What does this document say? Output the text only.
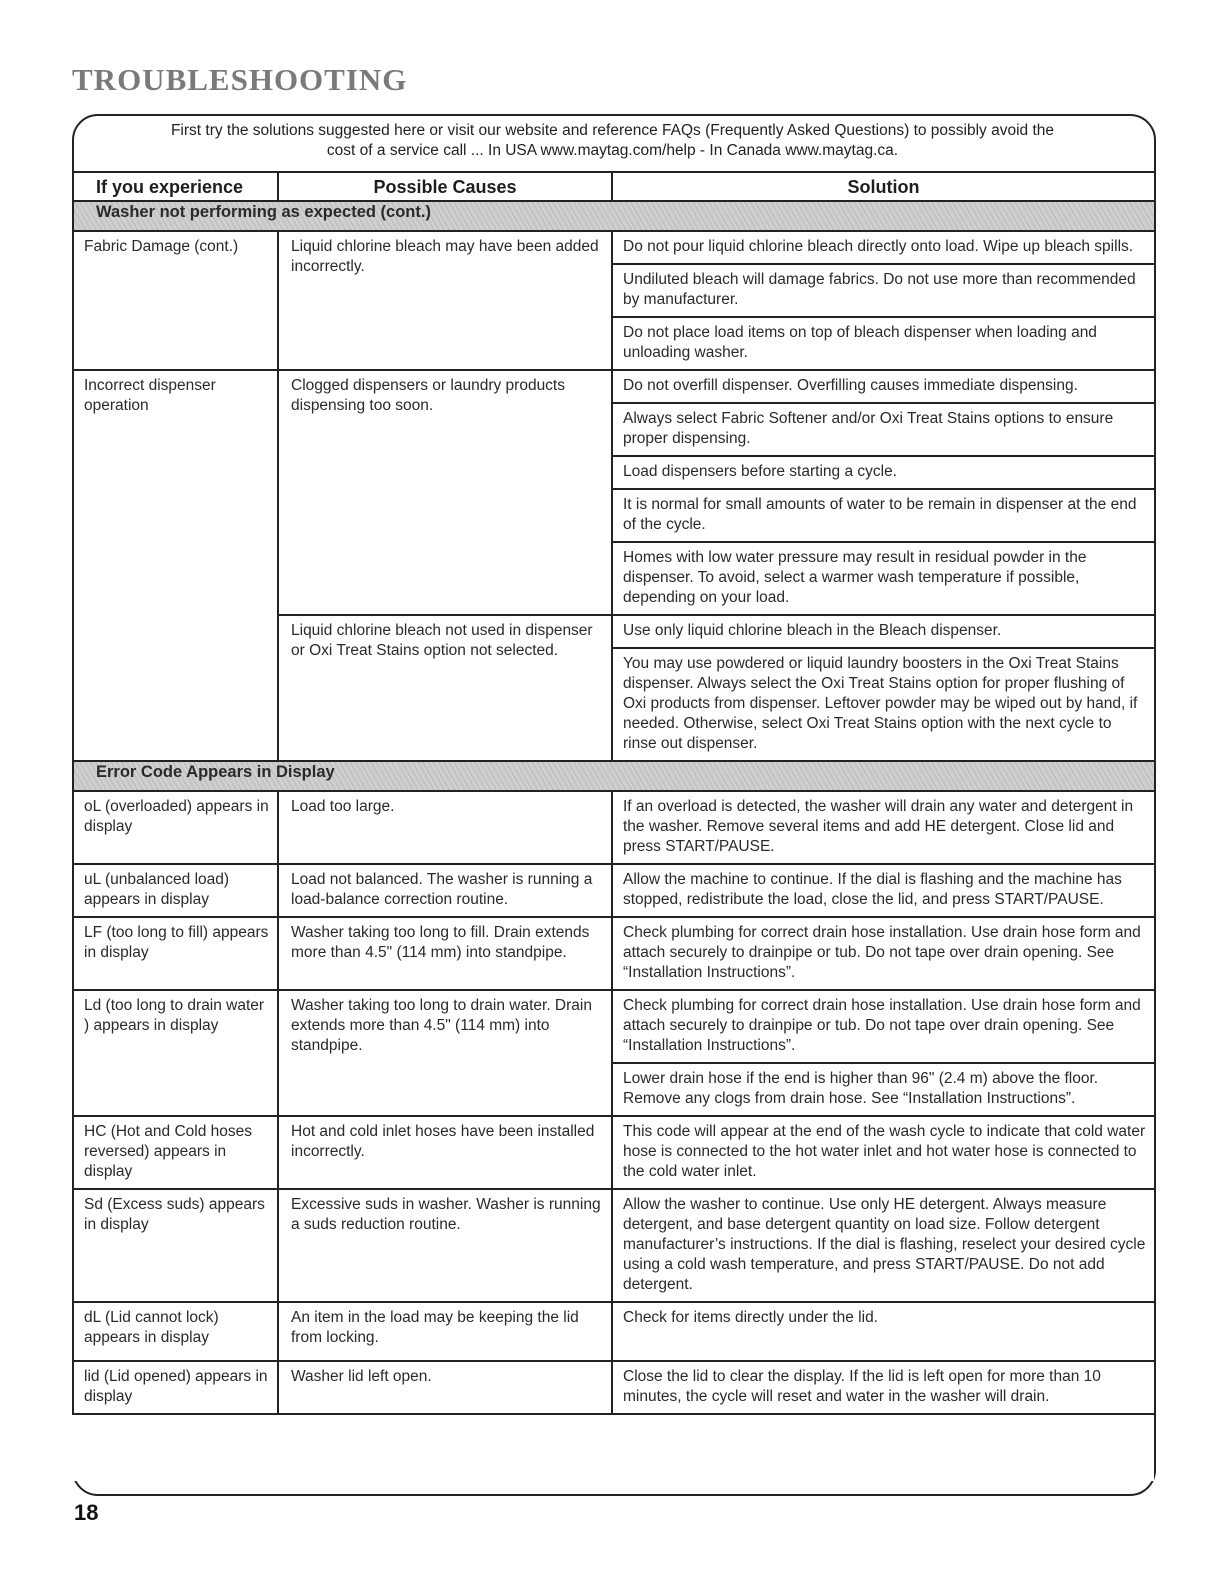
TROUBLESHOOTING
First try the solutions suggested here or visit our website and reference FAQs (Frequently Asked Questions) to possibly avoid the
cost of a service call ... In USA www.maytag.com/help - In Canada www.maytag.ca.
If you experience	Possible Causes	Solution
Washer not performing as expected (cont.)		
Fabric Damage (cont.)	Liquid chlorine bleach may have been added incorrectly.	Do not pour liquid chlorine bleach directly onto load. Wipe up bleach spills.
		Undiluted bleach will damage fabrics. Do not use more than recommended by manufacturer.
		Do not place load items on top of bleach dispenser when loading and unloading washer.
Incorrect dispenser operation	Clogged dispensers or laundry products dispensing too soon.	Do not overfill dispenser. Overfilling causes immediate dispensing.
		Always select Fabric Softener and/or Oxi Treat Stains options to ensure proper dispensing.
		Load dispensers before starting a cycle.
		It is normal for small amounts of water to be remain in dispenser at the end of the cycle.
		Homes with low water pressure may result in residual powder in the dispenser. To avoid, select a warmer wash temperature if possible, depending on your load.
	Liquid chlorine bleach not used in dispenser or Oxi Treat Stains option not selected.	Use only liquid chlorine bleach in the Bleach dispenser.
		You may use powdered or liquid laundry boosters in the Oxi Treat Stains dispenser. Always select the Oxi Treat Stains option for proper flushing of Oxi products from dispenser. Leftover powder may be wiped out by hand, if needed. Otherwise, select Oxi Treat Stains option with the next cycle to rinse out dispenser.
Error Code Appears in Display		
oL (overloaded) appears in display	Load too large.	If an overload is detected, the washer will drain any water and detergent in the washer. Remove several items and add HE detergent. Close lid and press START/PAUSE.
uL (unbalanced load) appears in display	Load not balanced. The washer is running a load-balance correction routine.	Allow the machine to continue. If the dial is flashing and the machine has stopped, redistribute the load, close the lid, and press START/PAUSE.
LF (too long to fill) appears in display	Washer taking too long to fill. Drain extends more than 4.5" (114 mm) into standpipe.	Check plumbing for correct drain hose installation. Use drain hose form and attach securely to drainpipe or tub. Do not tape over drain opening. See “Installation Instructions”.
Ld (too long to drain water ) appears in display	Washer taking too long to drain water. Drain extends more than 4.5" (114 mm) into standpipe.	Check plumbing for correct drain hose installation. Use drain hose form and attach securely to drainpipe or tub. Do not tape over drain opening. See “Installation Instructions”.
		Lower drain hose if the end is higher than 96" (2.4 m) above the floor. Remove any clogs from drain hose. See “Installation Instructions”.
HC (Hot and Cold hoses reversed) appears in display	Hot and cold inlet hoses have been installed incorrectly.	This code will appear at the end of the wash cycle to indicate that cold water hose is connected to the hot water inlet and hot water hose is connected to the cold water inlet.
Sd (Excess suds) appears in display	Excessive suds in washer. Washer is running a suds reduction routine.	Allow the washer to continue. Use only HE detergent. Always measure detergent, and base detergent quantity on load size. Follow detergent manufacturer’s instructions. If the dial is flashing, reselect your desired cycle using a cold wash temperature, and press START/PAUSE. Do not add detergent.
dL (Lid cannot lock) appears in display	An item in the load may be keeping the lid from locking.	Check for items directly under the lid.
lid (Lid opened) appears in display	Washer lid left open.	Close the lid to clear the display. If the lid is left open for more than 10 minutes, the cycle will reset and water in the washer will drain.
18
